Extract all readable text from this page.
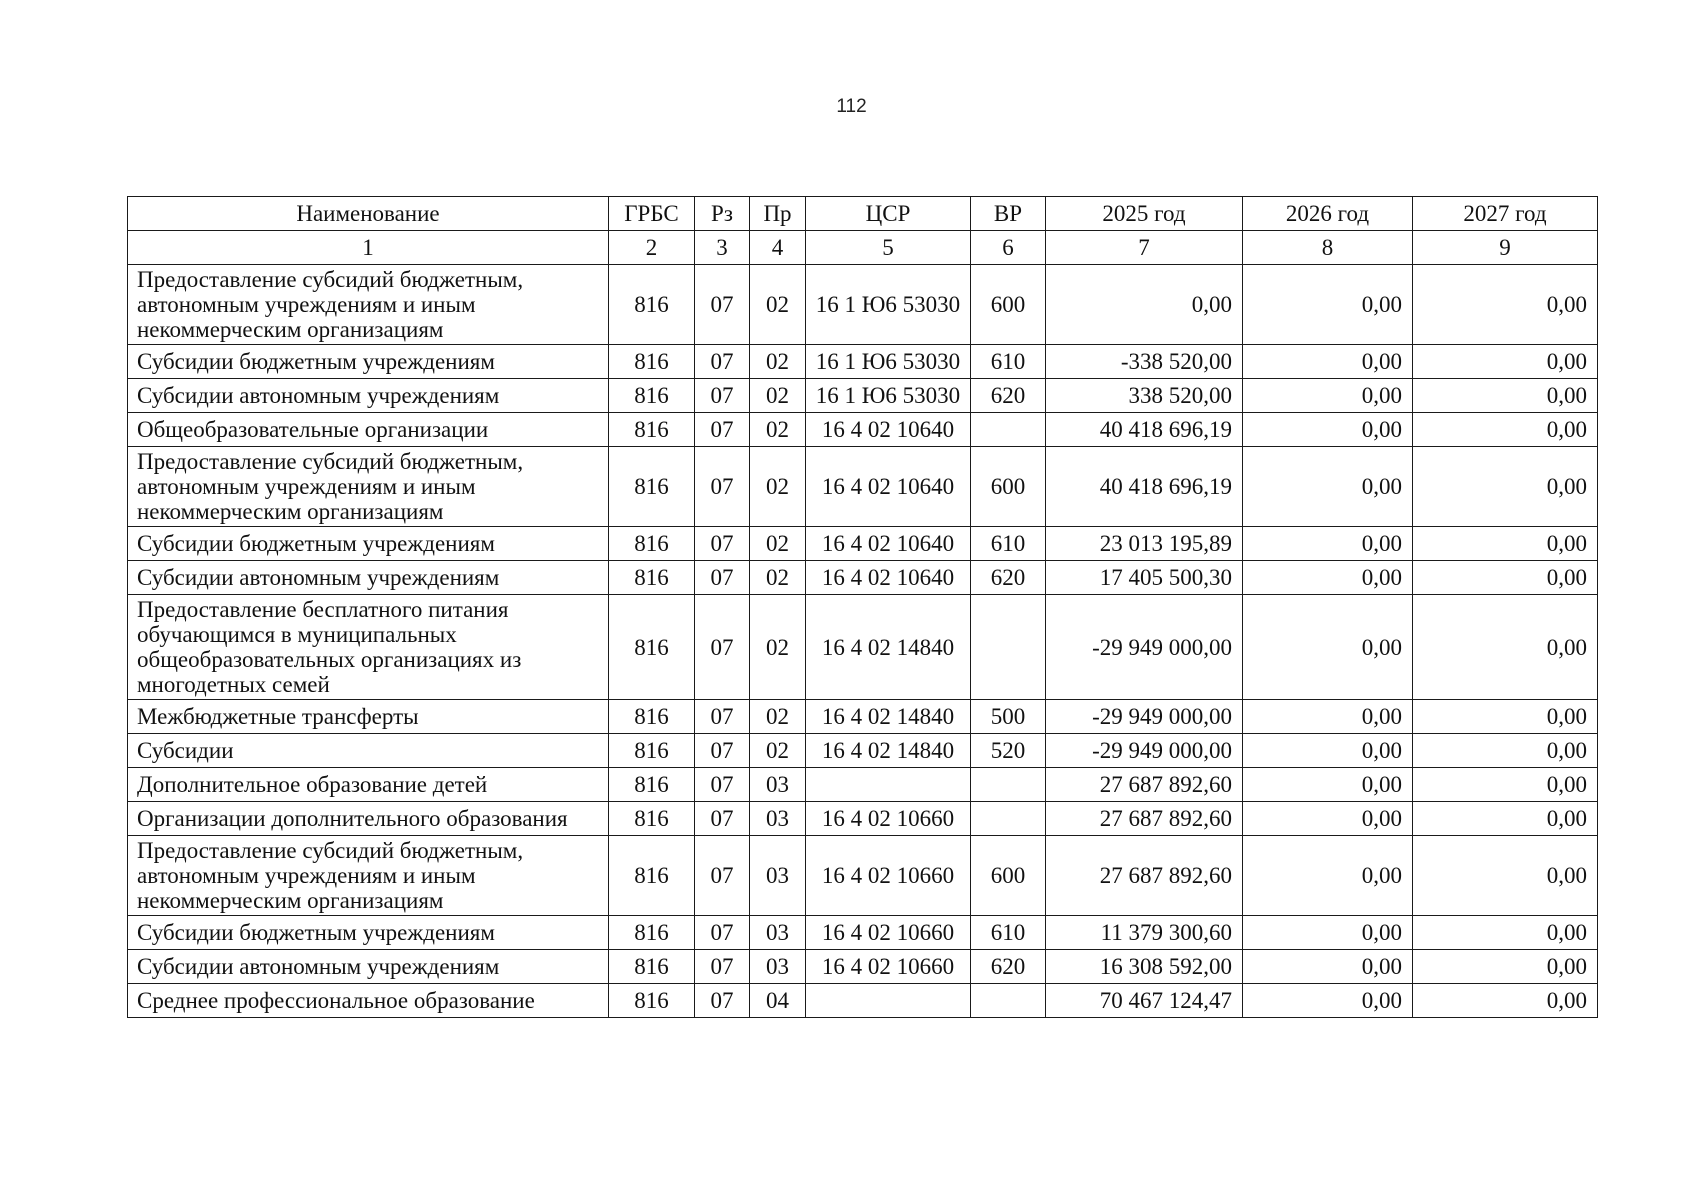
112
Наименование	ГРБС	Рз	Пр	ЦСР	ВР	2025 год	2026 год	2027 год
1	2	3	4	5	6	7	8	9
Предоставление субсидий бюджетным, автономным учреждениям и иным некоммерческим организациям	816	07	02	16 1 Ю6 53030	600	0,00	0,00	0,00
Субсидии бюджетным учреждениям	816	07	02	16 1 Ю6 53030	610	-338 520,00	0,00	0,00
Субсидии автономным учреждениям	816	07	02	16 1 Ю6 53030	620	338 520,00	0,00	0,00
Общеобразовательные организации	816	07	02	16 4 02 10640		40 418 696,19	0,00	0,00
Предоставление субсидий бюджетным, автономным учреждениям и иным некоммерческим организациям	816	07	02	16 4 02 10640	600	40 418 696,19	0,00	0,00
Субсидии бюджетным учреждениям	816	07	02	16 4 02 10640	610	23 013 195,89	0,00	0,00
Субсидии автономным учреждениям	816	07	02	16 4 02 10640	620	17 405 500,30	0,00	0,00
Предоставление бесплатного питания обучающимся в муниципальных общеобразовательных организациях из многодетных семей	816	07	02	16 4 02 14840		-29 949 000,00	0,00	0,00
Межбюджетные трансферты	816	07	02	16 4 02 14840	500	-29 949 000,00	0,00	0,00
Субсидии	816	07	02	16 4 02 14840	520	-29 949 000,00	0,00	0,00
Дополнительное образование детей	816	07	03			27 687 892,60	0,00	0,00
Организации дополнительного образования	816	07	03	16 4 02 10660		27 687 892,60	0,00	0,00
Предоставление субсидий бюджетным, автономным учреждениям и иным некоммерческим организациям	816	07	03	16 4 02 10660	600	27 687 892,60	0,00	0,00
Субсидии бюджетным учреждениям	816	07	03	16 4 02 10660	610	11 379 300,60	0,00	0,00
Субсидии автономным учреждениям	816	07	03	16 4 02 10660	620	16 308 592,00	0,00	0,00
Среднее профессиональное образование	816	07	04			70 467 124,47	0,00	0,00
